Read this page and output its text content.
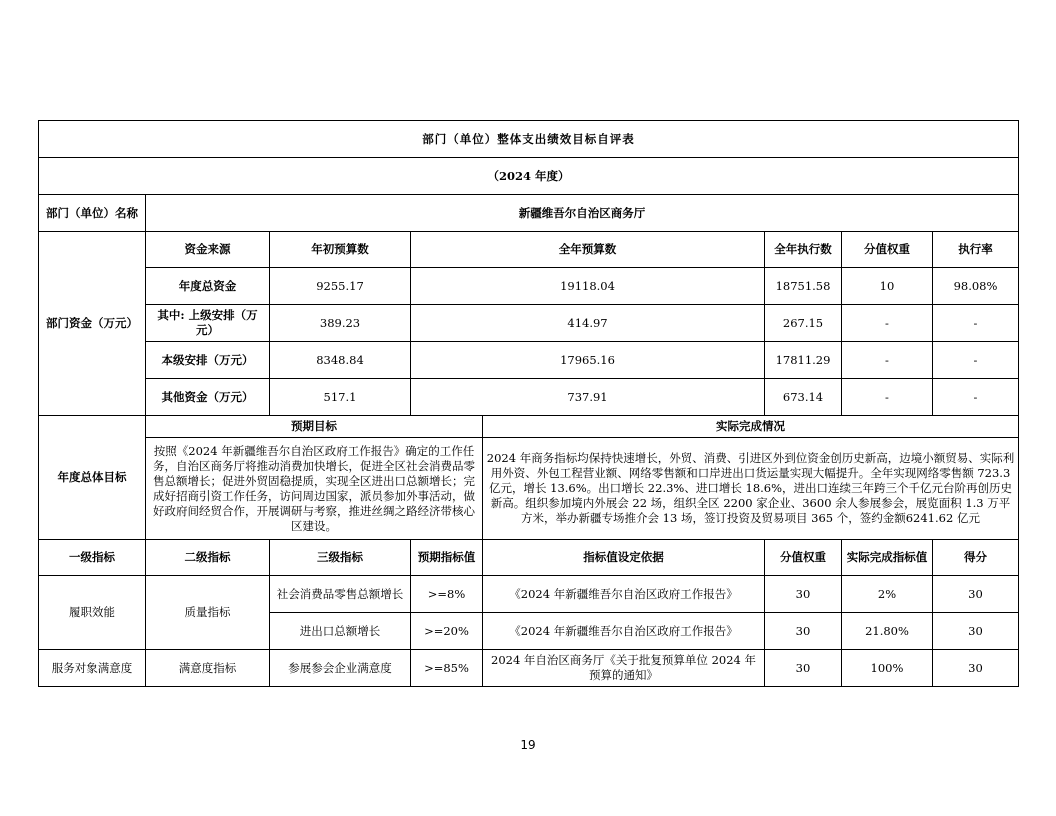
部门（单位）整体支出绩效目标自评表							
（2024 年度）							
部门（单位）名称	新疆维吾尔自治区商务厅						
部门资金（万元）	资金来源	年初预算数	全年预算数		全年执行数	分值权重	执行率
	年度总资金	9255.17	19118.04		18751.58	10	98.08%
	其中: 上级安排（万元）	389.23	414.97		267.15	-	-
	本级安排（万元）	8348.84	17965.16		17811.29	-	-
	其他资金（万元）	517.1	737.91		673.14	-	-
年度总体目标	预期目标			实际完成情况			
	按照《2024 年新疆维吾尔自治区政府工作报告》确定的工作任务，自治区商务厅将推动消费加快增长，促进全区社会消费品零售总额增长；促进外贸固稳提质，实现全区进出口总额增长；完成好招商引资工作任务，访问周边国家，派员参加外事活动，做好政府间经贸合作，开展调研与考察，推进丝绸之路经济带核心区建设。			2024 年商务指标均保持快速增长，外贸、消费、引进区外到位资金创历史新高，边境小额贸易、实际利用外资、外包工程营业额、网络零售额和口岸进出口货运量实现大幅提升。全年实现网络零售额 723.3 亿元，增长 13.6%。出口增长 22.3%、进口增长 18.6%，进出口连续三年跨三个千亿元台阶再创历史新高。组织参加境内外展会 22 场，组织全区 2200 家企业、3600 余人参展参会，展览面积 1.3 万平方米，举办新疆专场推介会 13 场，签订投资及贸易项目 365 个，签约金额6241.62 亿元			
一级指标	二级指标	三级指标	预期指标值	指标值设定依据	分值权重	实际完成指标值	得分
履职效能	质量指标	社会消费品零售总额增长	>=8%	《2024 年新疆维吾尔自治区政府工作报告》	30	2%	30
		进出口总额增长	>=20%	《2024 年新疆维吾尔自治区政府工作报告》	30	21.80%	30
服务对象满意度	满意度指标	参展参会企业满意度	>=85%	2024 年自治区商务厅《关于批复预算单位 2024 年预算的通知》	30	100%	30
19
